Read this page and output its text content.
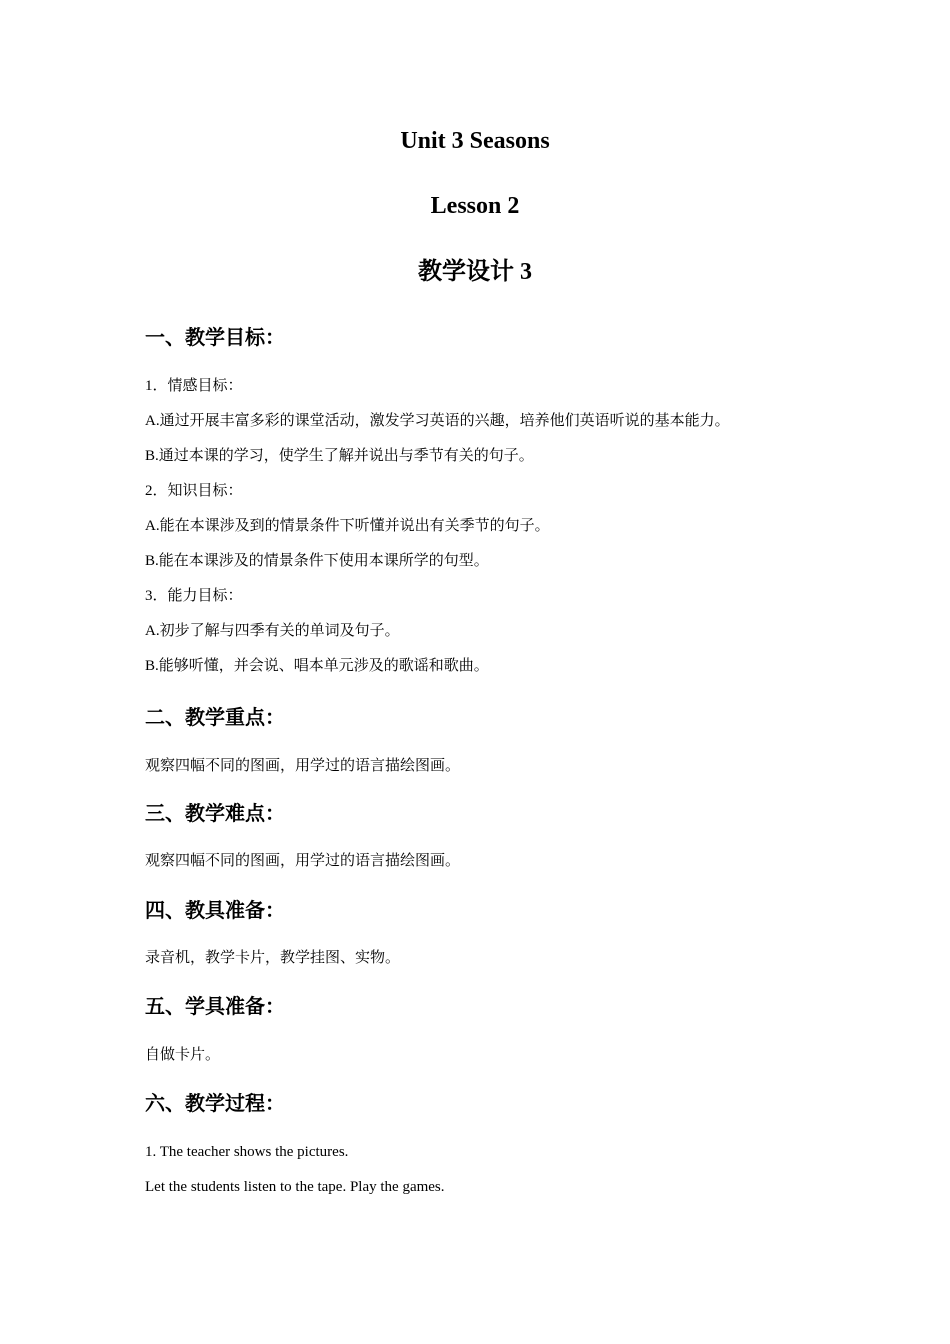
Unit 3 Seasons
Lesson 2
教学设计 3
一、教学目标：
1．情感目标：
A.通过开展丰富多彩的课堂活动，激发学习英语的兴趣，培养他们英语听说的基本能力。
B.通过本课的学习，使学生了解并说出与季节有关的句子。
2．知识目标：
A.能在本课涉及到的情景条件下听懂并说出有关季节的句子。
B.能在本课涉及的情景条件下使用本课所学的句型。
3．能力目标：
A.初步了解与四季有关的单词及句子。
B.能够听懂，并会说、唱本单元涉及的歌谣和歌曲。
二、教学重点：
观察四幅不同的图画，用学过的语言描绘图画。
三、教学难点：
观察四幅不同的图画，用学过的语言描绘图画。
四、教具准备：
录音机，教学卡片，教学挂图、实物。
五、学具准备：
自做卡片。
六、教学过程：
1. The teacher shows the pictures.
Let the students listen to the tape. Play the games.
